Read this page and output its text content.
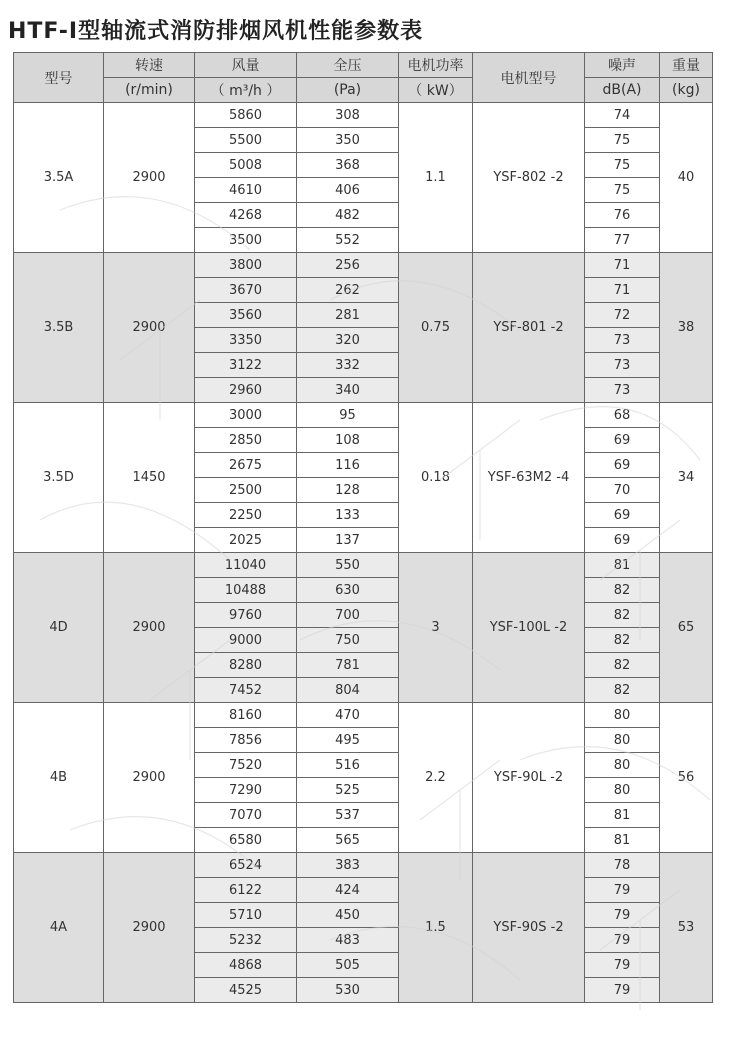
HTF-I型轴流式消防排烟风机性能参数表
型号	转速	风量	全压	电机功率	电机型号	噪声	重量
	(r/min)	（ m³/h ）	(Pa)	（ kW）		dB(A)	(kg)
3.5A	2900	5860	308	1.1	YSF-802 -2	74	40
		5500	350			75	
		5008	368			75	
		4610	406			75	
		4268	482			76	
		3500	552			77	
3.5B	2900	3800	256	0.75	YSF-801 -2	71	38
		3670	262			71	
		3560	281			72	
		3350	320			73	
		3122	332			73	
		2960	340			73	
3.5D	1450	3000	95	0.18	YSF-63M2 -4	68	34
		2850	108			69	
		2675	116			69	
		2500	128			70	
		2250	133			69	
		2025	137			69	
4D	2900	11040	550	3	YSF-100L -2	81	65
		10488	630			82	
		9760	700			82	
		9000	750			82	
		8280	781			82	
		7452	804			82	
4B	2900	8160	470	2.2	YSF-90L -2	80	56
		7856	495			80	
		7520	516			80	
		7290	525			80	
		7070	537			81	
		6580	565			81	
4A	2900	6524	383	1.5	YSF-90S -2	78	53
		6122	424			79	
		5710	450			79	
		5232	483			79	
		4868	505			79	
		4525	530			79	
